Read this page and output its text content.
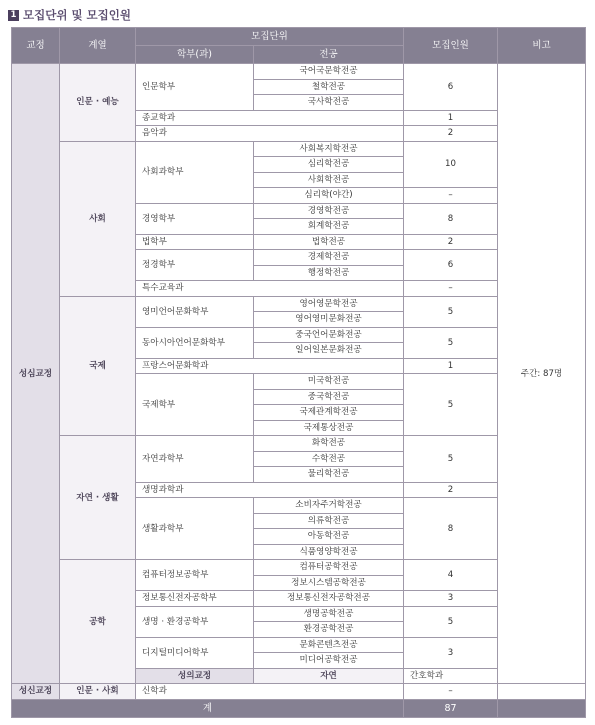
1 모집단위 및 모집인원
교정	계열	모집단위		모집인원	비고	
		학부(과)	전공			
성심교정	인문 · 예능	인문학부	국어국문학전공	6	주간: 87명	
			철학전공			
			국사학전공			
		종교학과		1		
		음악과		2		
	사회	사회과학부	사회복지학전공	10		
			심리학전공			
			사회학전공			
			심리학(야간)	–		
		경영학부	경영학전공	8		
			회계학전공			
		법학부	법학전공	2		
		정경학부	경제학전공	6		
			행정학전공			
		특수교육과		–		
	국제	영미언어문화학부	영어영문학전공	5		
			영어영미문화전공			
		동아시아언어문화학부	중국언어문화전공	5		
			일어일본문화전공			
		프랑스어문화학과		1		
		국제학부	미국학전공	5		
			중국학전공			
			국제관계학전공			
			국제통상전공			
	자연 · 생활	자연과학부	화학전공	5		
			수학전공			
			물리학전공			
		생명과학과		2		
		생활과학부	소비자주거학전공	8		
			의류학전공			
			아동학전공			
			식품영양학전공			
	공학	컴퓨터정보공학부	컴퓨터공학전공	4		
			정보시스템공학전공			
		정보통신전자공학부	정보통신전자공학전공	3		
		생명 · 환경공학부	생명공학전공	5		
			환경공학전공			
		디지털미디어학부	문화콘텐츠전공	3		
			미디어공학전공			
		성의교정	자연	간호학과		
성신교정	인문 · 사회	신학과		–		
계				87		
